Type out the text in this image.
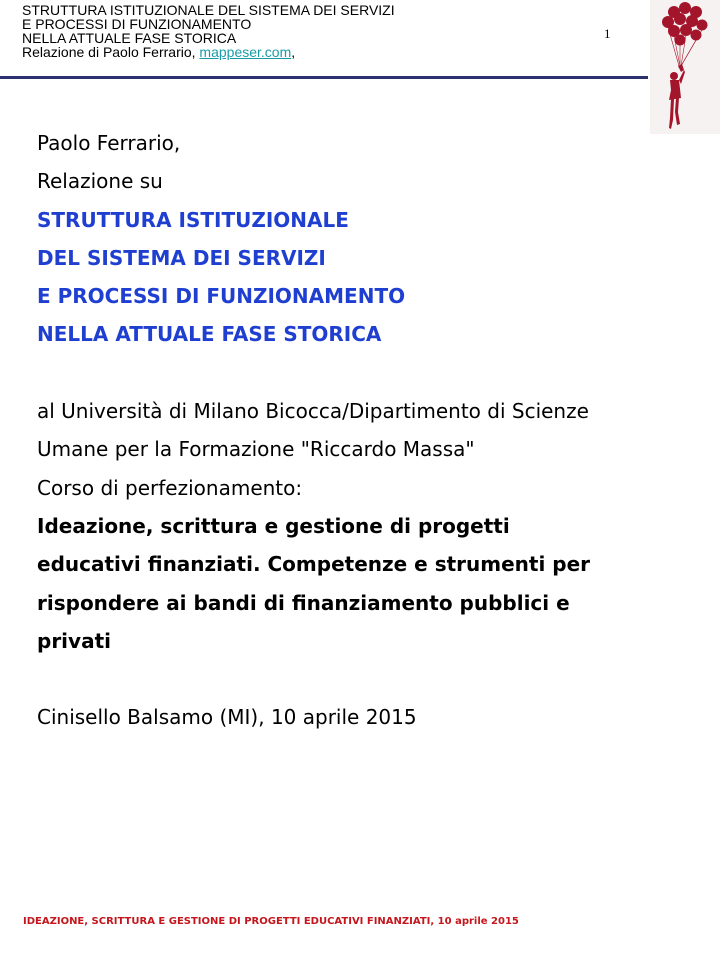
STRUTTURA ISTITUZIONALE DEL SISTEMA DEI SERVIZI
E PROCESSI DI FUNZIONAMENTO
NELLA ATTUALE FASE STORICA
Relazione di Paolo Ferrario, mappeser.com,
1
Paolo Ferrario,
Relazione su
STRUTTURA ISTITUZIONALE
DEL SISTEMA DEI SERVIZI
E PROCESSI DI FUNZIONAMENTO
NELLA ATTUALE FASE STORICA
al Università di Milano Bicocca/Dipartimento di Scienze
Umane per la Formazione "Riccardo Massa"
Corso di perfezionamento:
Ideazione, scrittura e gestione di progetti
educativi finanziati. Competenze e strumenti per
rispondere ai bandi di finanziamento pubblici e
privati
Cinisello Balsamo (MI), 10 aprile 2015
IDEAZIONE, SCRITTURA E GESTIONE DI PROGETTI EDUCATIVI FINANZIATI, 10 aprile 2015
